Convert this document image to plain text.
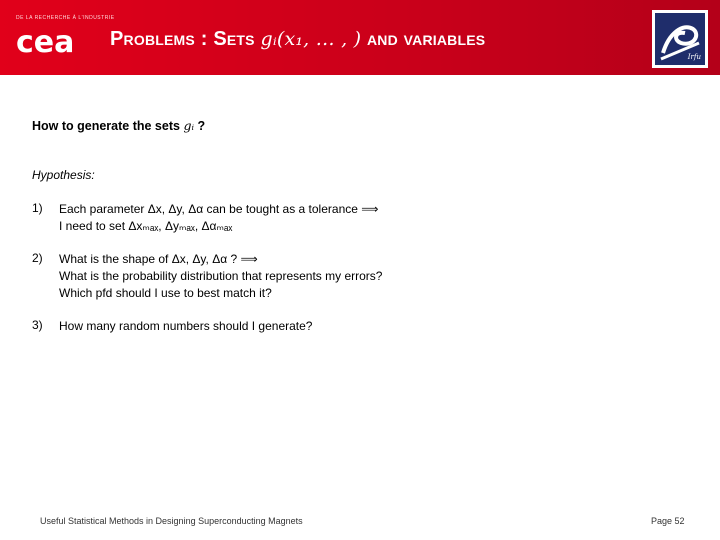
cea
DE LA RECHERCHE À L'INDUSTRIE
Problems : Sets gᵢ(x₁, … , ) and variables
Irfu
How to generate the sets gᵢ ?
Hypothesis:
1)	Each parameter Δx, Δy, Δα can be tought as a tolerance ⟹
I need to set Δxₘₐₓ, Δyₘₐₓ, Δαₘₐₓ
2)	What is the shape of Δx, Δy, Δα ? ⟹
What is the probability distribution that represents my errors?
Which pfd should I use to best match it?
3)	How many random numbers should I generate?
Useful Statistical Methods in Designing Superconducting Magnets	Page 52
